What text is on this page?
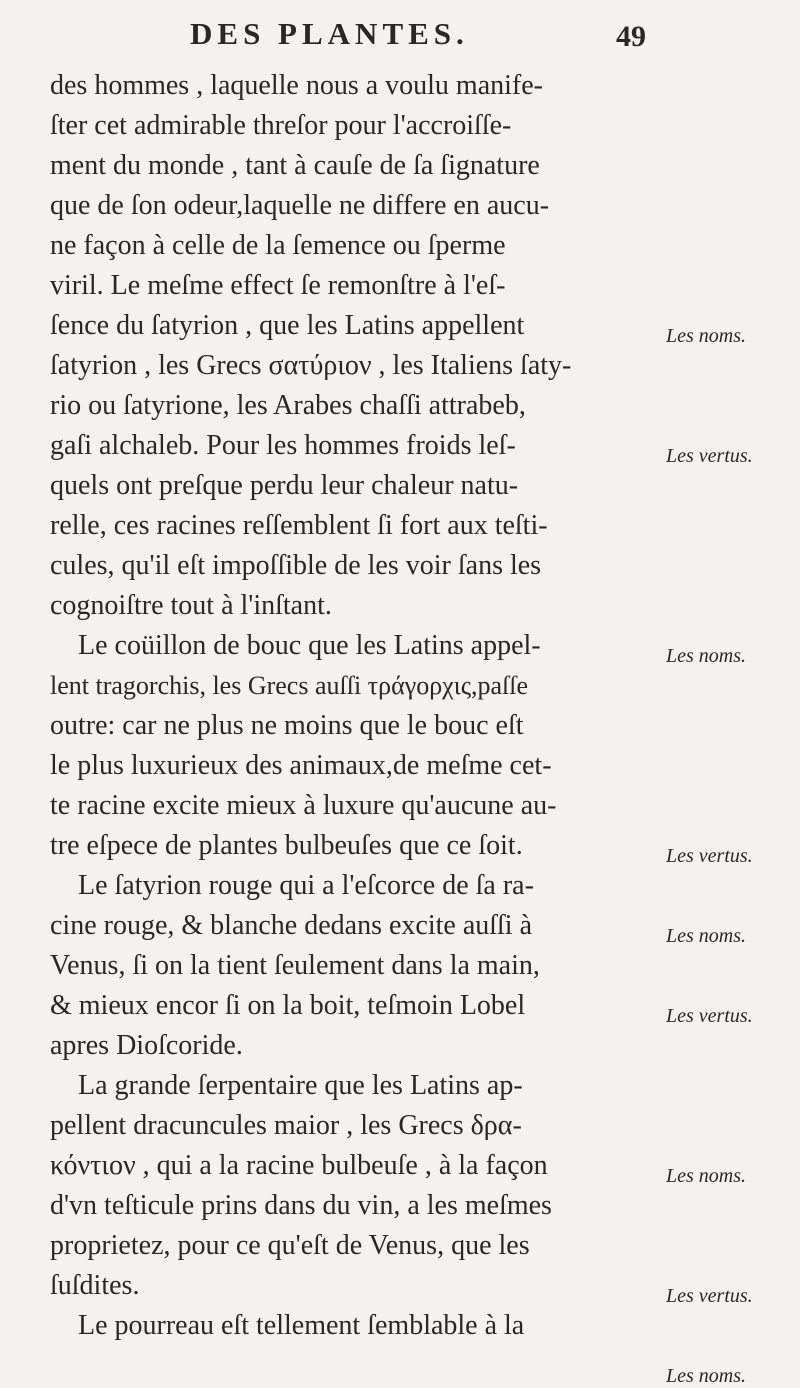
DES PLANTES.	49
des hommes , laquelle nous a voulu manife-
ſter cet admirable threſor pour l'accroiſſe-
ment du monde , tant à cauſe de ſa ſignature
que de ſon odeur,laquelle ne differe en aucu-
ne façon à celle de la ſemence ou ſperme
viril. Le meſme effect ſe remonſtre à l'eſ-
ſence du ſatyrion , que les Latins appellent
ſatyrion , les Grecs σατύριον , les Italiens ſaty-
rio ou ſatyrione, les Arabes chaſſi attrabeb,
gaſi alchaleb. Pour les hommes froids leſ-
quels ont preſque perdu leur chaleur natu-
relle, ces racines reſſemblent ſi fort aux teſti-
cules, qu'il eſt impoſſible de les voir ſans les
cognoiſtre tout à l'inſtant.
Le coüillon de bouc que les Latins appel-
lent tragorchis, les Grecs auſſi τράγορχις,paſſe
outre: car ne plus ne moins que le bouc eſt
le plus luxurieux des animaux,de meſme cet-
te racine excite mieux à luxure qu'aucune au-
tre eſpece de plantes bulbeuſes que ce ſoit.
Le ſatyrion rouge qui a l'eſcorce de ſa ra-
cine rouge, & blanche dedans excite auſſi à
Venus, ſi on la tient ſeulement dans la main,
& mieux encor ſi on la boit, teſmoin Lobel
apres Dioſcoride.
La grande ſerpentaire que les Latins ap-
pellent dracuncules maior , les Grecs δρα-
κόντιον , qui a la racine bulbeuſe , à la façon
d'vn teſticule prins dans du vin, a les meſmes
proprietez, pour ce qu'eſt de Venus, que les
ſuſdites.
Le pourreau eſt tellement ſemblable à la
Les noms.
Les vertus.
Les noms.
Les vertus.
Les noms.
Les vertus.
Les noms.
Les vertus.
Les noms.
